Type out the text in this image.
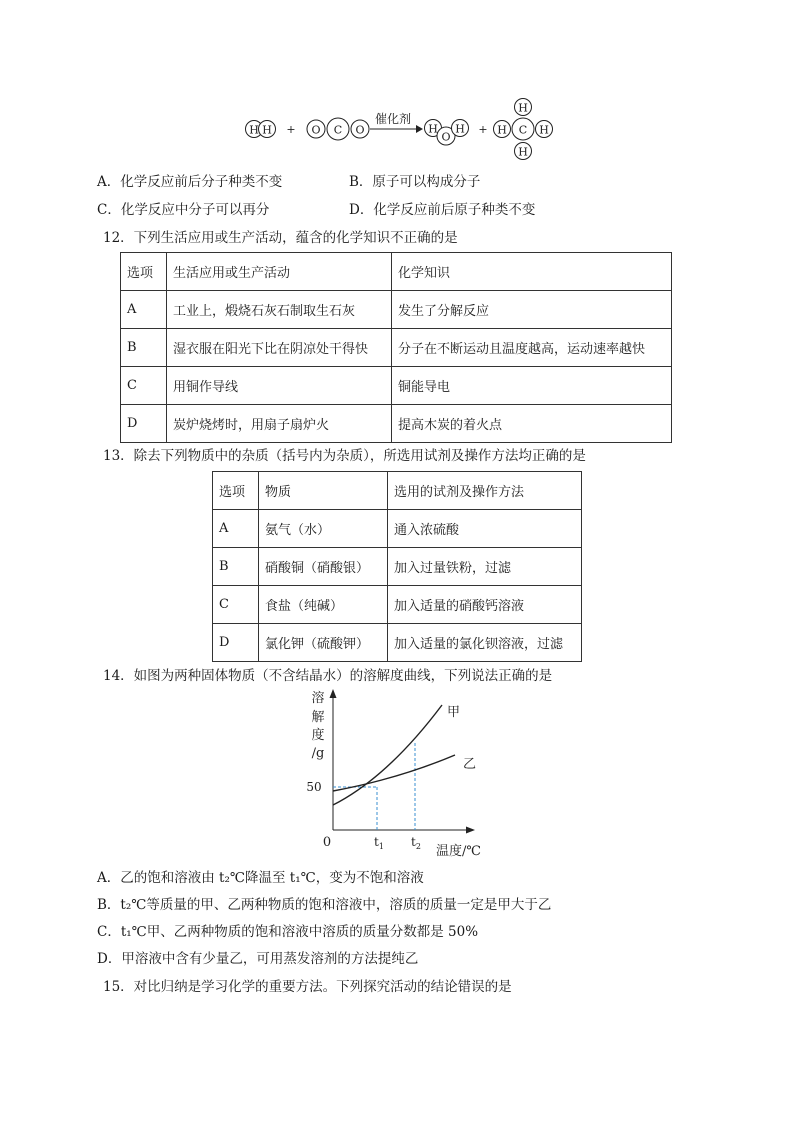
H H + O C O
催化剂
H
O
H +
H
H C H
H
A．化学反应前后分子种类不变	B．原子可以构成分子
C．化学反应中分子可以再分	D．化学反应前后原子种类不变
12．下列生活应用或生产活动，蕴含的化学知识不正确的是
选项	生活应用或生产活动	化学知识
A	工业上，煅烧石灰石制取生石灰	发生了分解反应
B	湿衣服在阳光下比在阴凉处干得快	分子在不断运动且温度越高，运动速率越快
C	用铜作导线	铜能导电
D	炭炉烧烤时，用扇子扇炉火	提高木炭的着火点
13．除去下列物质中的杂质（括号内为杂质），所选用试剂及操作方法均正确的是
选项	物质	选用的试剂及操作方法
A	氨气（水）	通入浓硫酸
B	硝酸铜（硝酸银）	加入过量铁粉，过滤
C	食盐（纯碱）	加入适量的硝酸钙溶液
D	氯化钾（硫酸钾）	加入适量的氯化钡溶液，过滤
14．如图为两种固体物质（不含结晶水）的溶解度曲线，下列说法正确的是
溶
解
度
/g
0
50
甲
乙
$t_1$ $t_2$ 温度/℃
A．乙的饱和溶液由 t₂℃降温至 t₁℃，变为不饱和溶液
B．t₂℃等质量的甲、乙两种物质的饱和溶液中，溶质的质量一定是甲大于乙
C．t₁℃甲、乙两种物质的饱和溶液中溶质的质量分数都是 50%
D．甲溶液中含有少量乙，可用蒸发溶剂的方法提纯乙
15．对比归纳是学习化学的重要方法。下列探究活动的结论错误的是
